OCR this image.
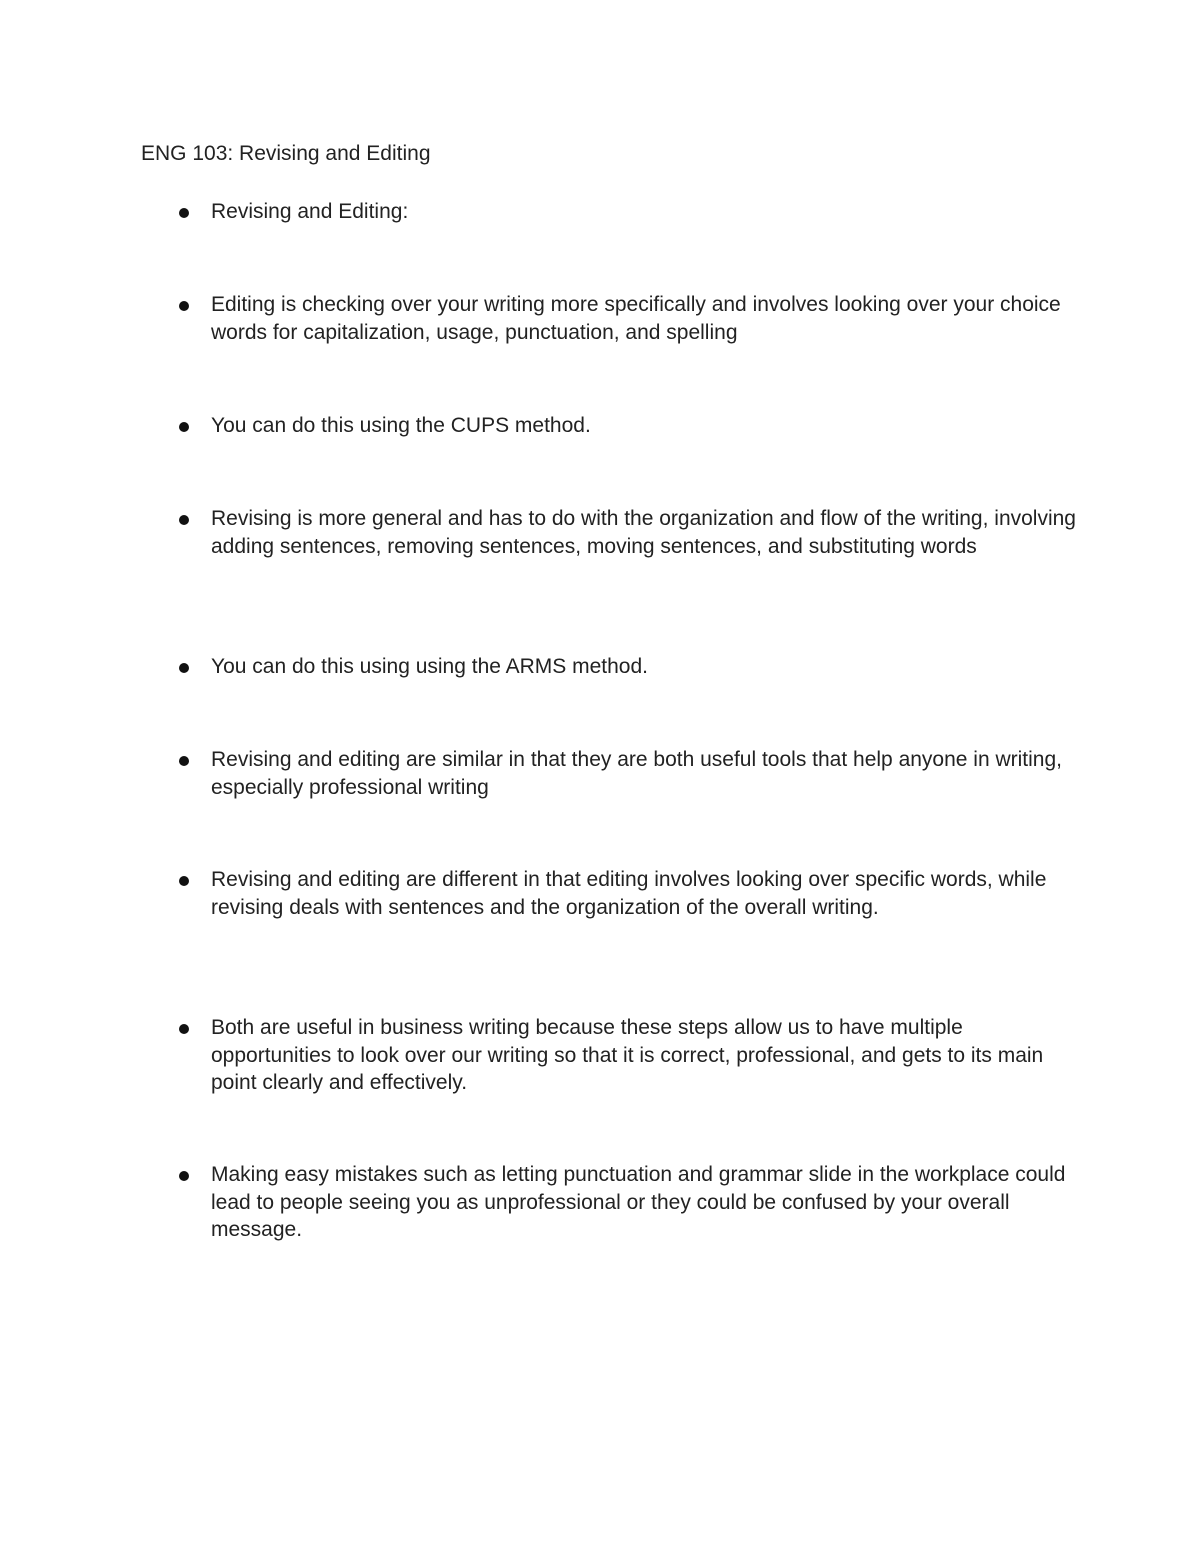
ENG 103: Revising and Editing
Revising and Editing:
Editing is checking over your writing more specifically and involves looking over your choice words for capitalization, usage, punctuation, and spelling
You can do this using the CUPS method.
Revising is more general and has to do with the organization and flow of the writing, involving adding sentences, removing sentences, moving sentences, and substituting words
You can do this using using the ARMS method.
Revising and editing are similar in that they are both useful tools that help anyone in writing, especially professional writing
Revising and editing are different in that editing involves looking over specific words, while revising deals with sentences and the organization of the overall writing.
Both are useful in business writing because these steps allow us to have multiple opportunities to look over our writing so that it is correct, professional, and gets to its main point clearly and effectively.
Making easy mistakes such as letting punctuation and grammar slide in the workplace could lead to people seeing you as unprofessional or they could be confused by your overall message.
